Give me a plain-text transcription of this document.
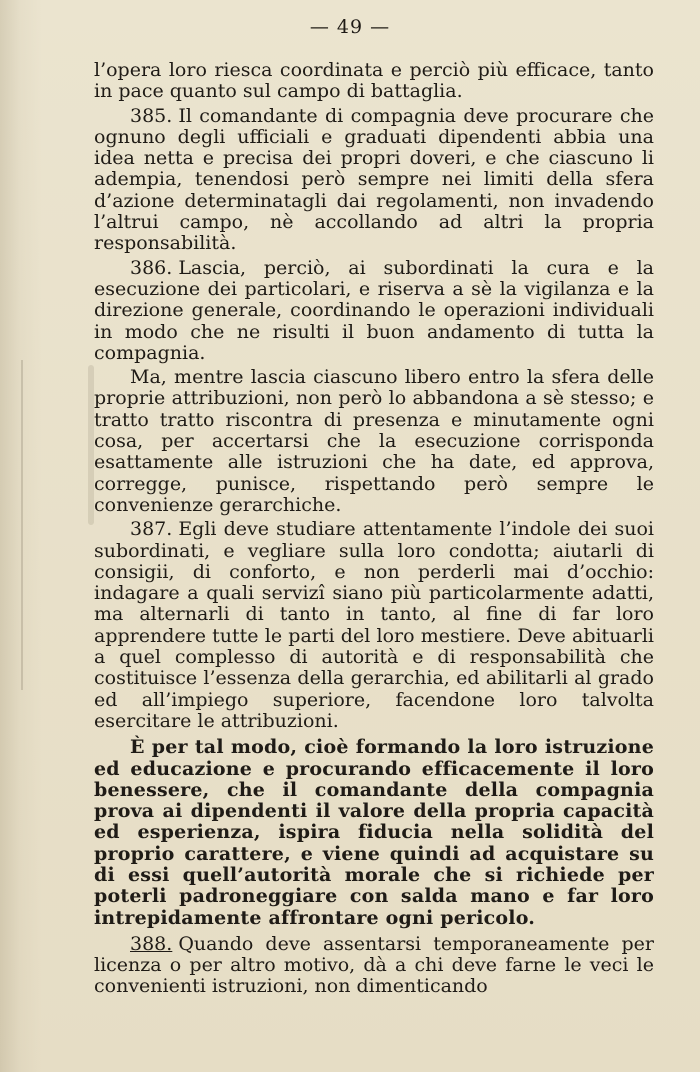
— 49 —

l’opera loro riesca coordinata e perciò più efficace, tanto in pace quanto sul campo di battaglia.

385. Il comandante di compagnia deve procurare che ognuno degli ufficiali e graduati dipendenti abbia una idea netta e precisa dei propri doveri, e che ciascuno li adempia, tenendosi però sempre nei limiti della sfera d’azione determinatagli dai regolamenti, non invadendo l’altrui campo, nè accollando ad altri la propria responsabilità.

386. Lascia, perciò, ai subordinati la cura e la esecuzione dei particolari, e riserva a sè la vigilanza e la direzione generale, coordinando le operazioni individuali in modo che ne risulti il buon andamento di tutta la compagnia.

Ma, mentre lascia ciascuno libero entro la sfera delle proprie attribuzioni, non però lo abbandona a sè stesso; e tratto tratto riscontra di presenza e minutamente ogni cosa, per accertarsi che la esecuzione corrisponda esattamente alle istruzioni che ha date, ed approva, corregge, punisce, rispettando però sempre le convenienze gerarchiche.

387. Egli deve studiare attentamente l’indole dei suoi subordinati, e vegliare sulla loro condotta; aiutarli di consigii, di conforto, e non perderli mai d’occhio: indagare a quali servizî siano più particolarmente adatti, ma alternarli di tanto in tanto, al fine di far loro apprendere tutte le parti del loro mestiere. Deve abituarli a quel complesso di autorità e di responsabilità che costituisce l’essenza della gerarchia, ed abilitarli al grado ed all’impiego superiore, facendone loro talvolta esercitare le attribuzioni.

È per tal modo, cioè formando la loro istruzione ed educazione e procurando efficacemente il loro benessere, che il comandante della compagnia prova ai dipendenti il valore della propria capacità ed esperienza, ispira fiducia nella solidità del proprio carattere, e viene quindi ad acquistare su di essi quell’autorità morale che si richiede per poterli padroneggiare con salda mano e far loro intrepidamente affrontare ogni pericolo.

388. Quando deve assentarsi temporaneamente per licenza o per altro motivo, dà a chi deve farne le veci le convenienti istruzioni, non dimenticando
